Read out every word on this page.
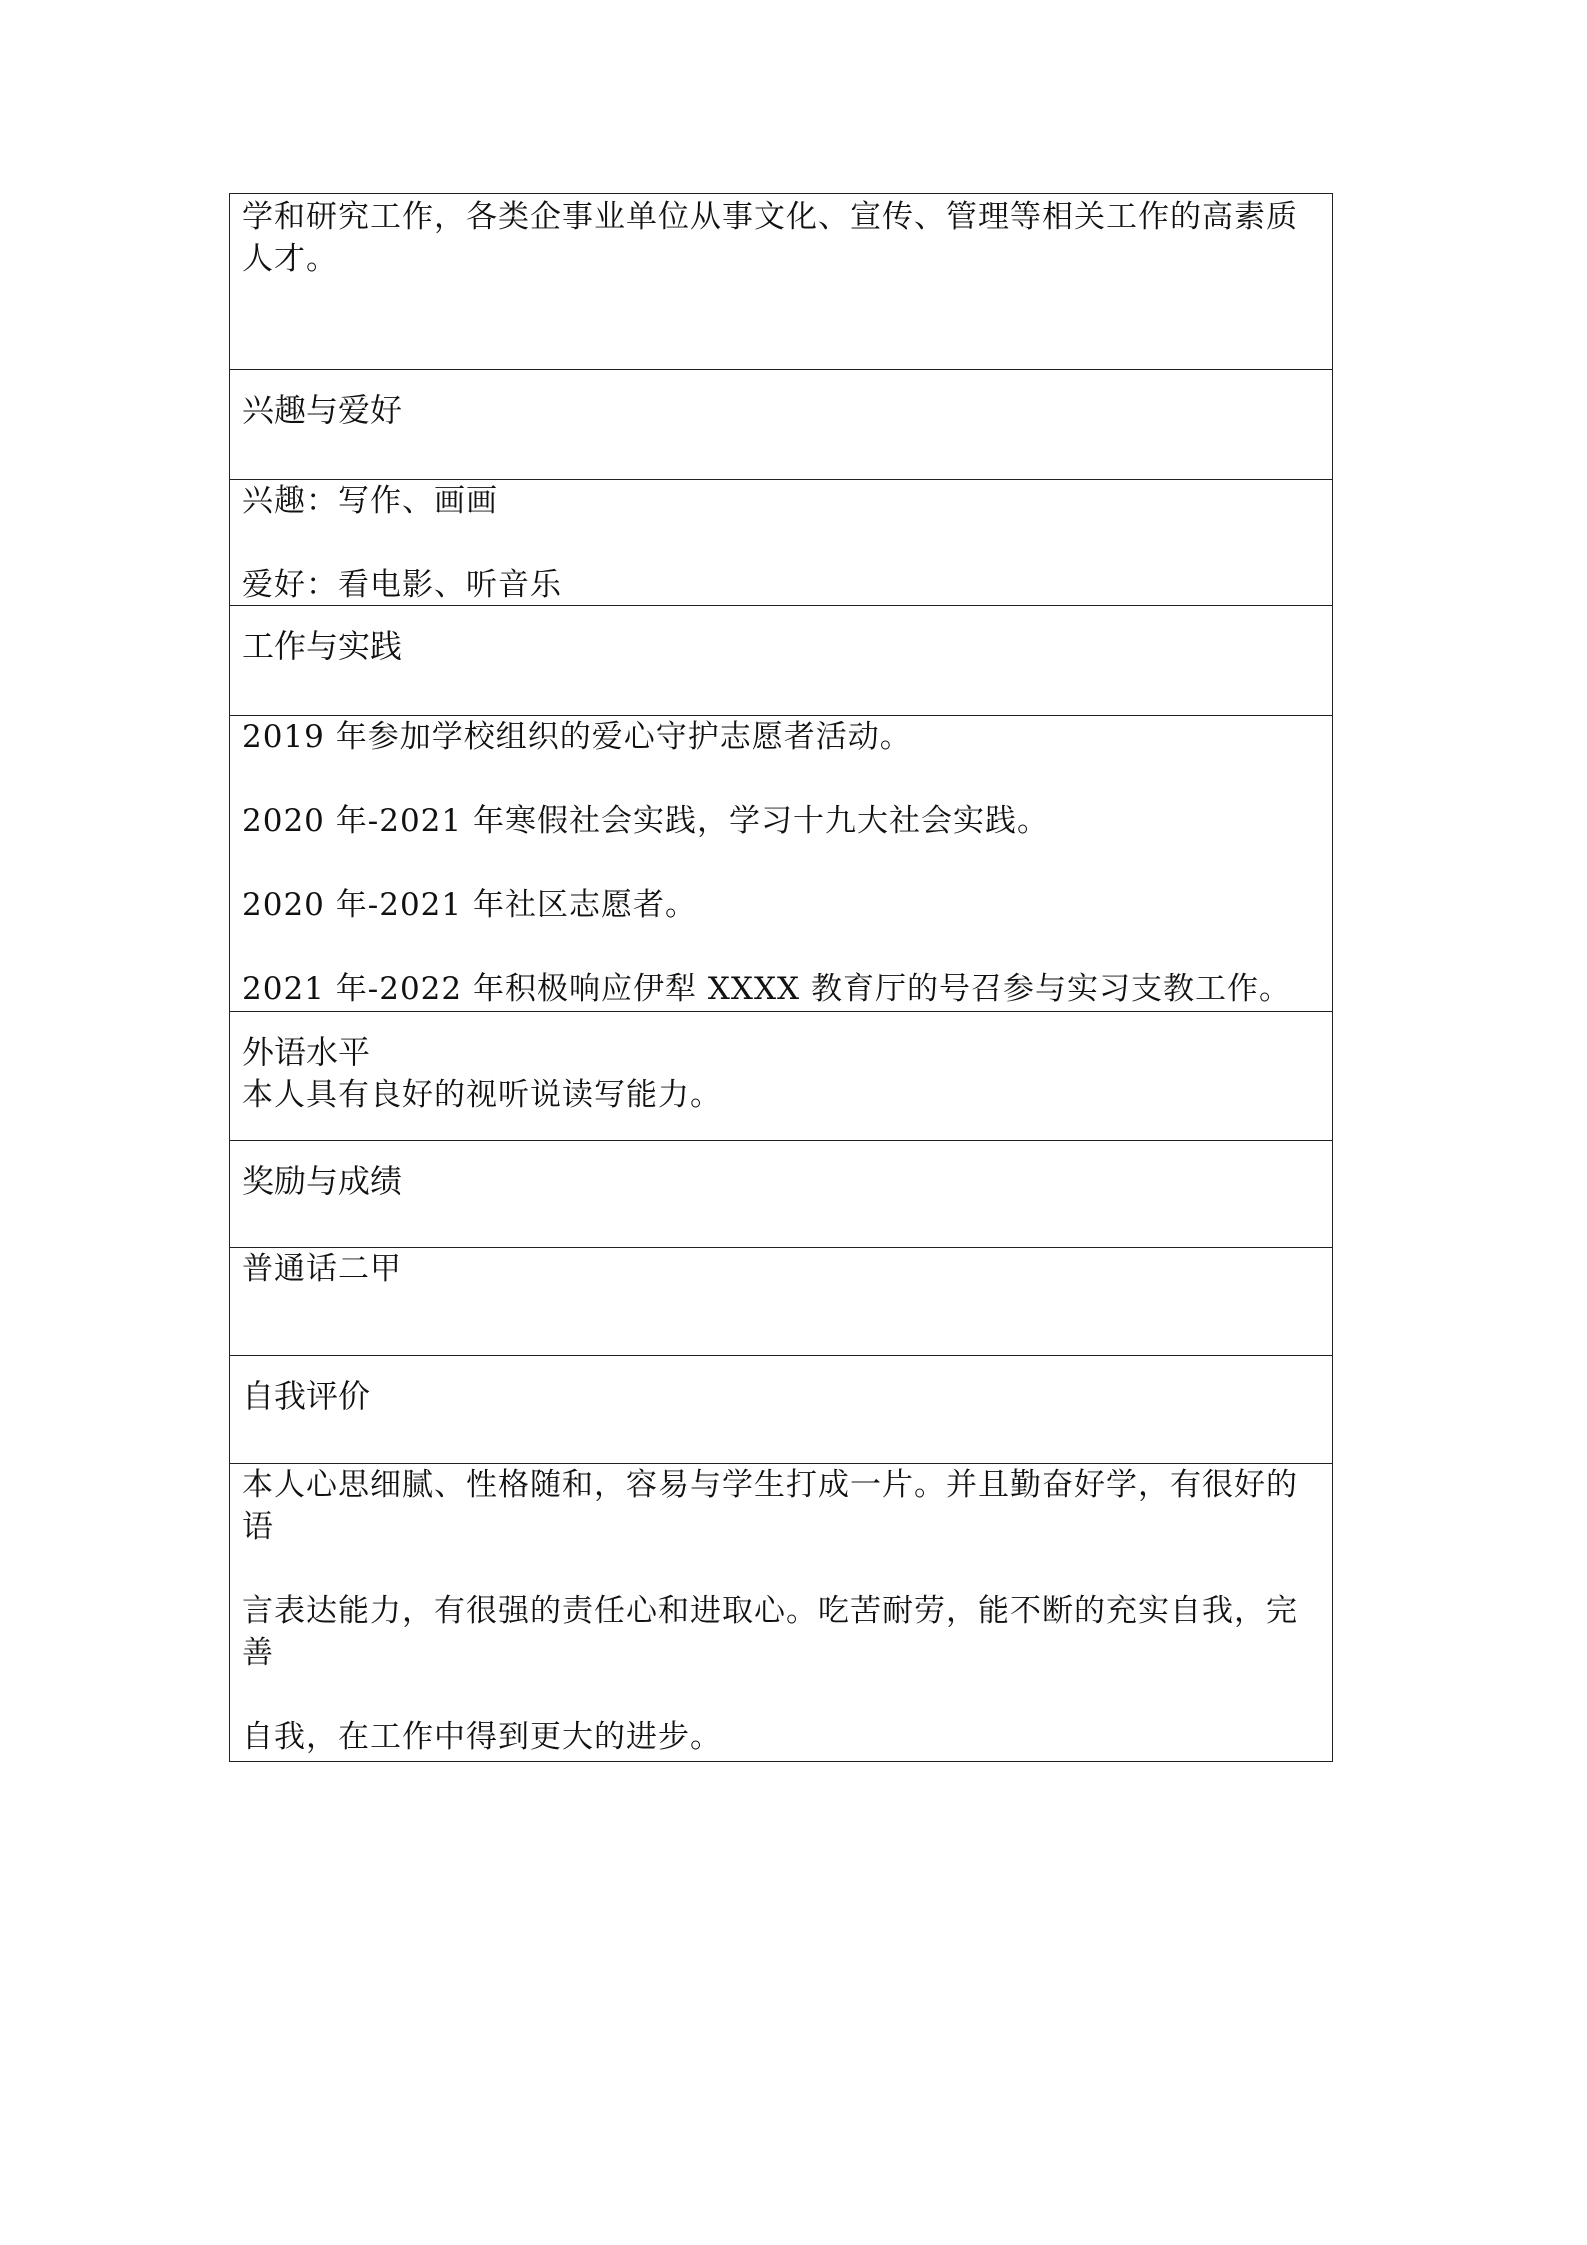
学和研究工作，各类企事业单位从事文化、宣传、管理等相关工作的高素质

人才。

兴趣与爱好

兴趣：写作、画画

爱好：看电影、听音乐

工作与实践

2019 年参加学校组织的爱心守护志愿者活动。

2020 年-2021 年寒假社会实践，学习十九大社会实践。

2020 年-2021 年社区志愿者。

2021 年-2022 年积极响应伊犁 XXXX 教育厅的号召参与实习支教工作。

外语水平
本人具有良好的视听说读写能力。
奖励与成绩

普通话二甲

自我评价

本人心思细腻、性格随和，容易与学生打成一片。并且勤奋好学，有很好的

语

言表达能力，有很强的责任心和进取心。吃苦耐劳，能不断的充实自我，完

善

自我，在工作中得到更大的进步。
